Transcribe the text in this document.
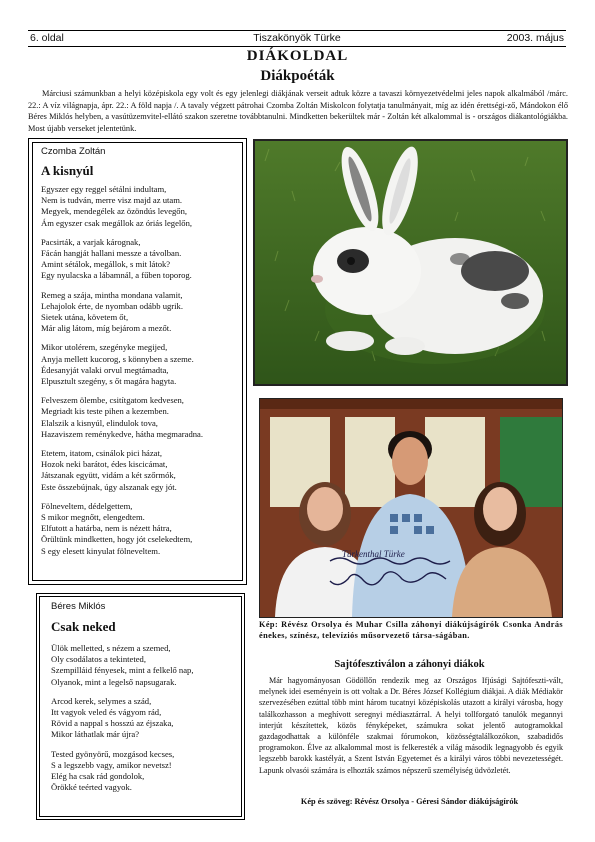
6. oldal	Tiszakönyök Türke	2003. május
DIÁKOLDAL
Diákpoéták
Márciusi számunkban a helyi középiskola egy volt és egy jelenlegi diákjának verseit adtuk közre a tavaszi környezetvédelmi jeles napok alkalmából /márc. 22.: A víz világnapja, ápr. 22.: A föld napja /. A tavaly végzett pátrohai Czomba Zoltán Miskolcon folytatja tanulmányait, míg az idén érettségi-ző, Mándokon élő Béres Miklós helyben, a vasútüzemvitel-ellátó szakon szeretne továbbtanulni. Mindketten bekerültek már - Zoltán két alkalommal is - országos diákantológiákba. Most újabb verseket jelentetünk.
Czomba Zoltán
A kisnyúl
Egyszer egy reggel sétálni indultam,
Nem is tudván, merre visz majd az utam.
Megyek, mendegélek az özöndús levegőn,
Ám egyszer csak megállok az óriás legelőn,
Pacsirták, a varjak kárognak,
Fácán hangját hallani messze a távolban.
Amint sétálok, megállok, s mit látok?
Egy nyulacska a lábamnál, a fűben toporog.
Remeg a szája, mintha mondana valamit,
Lehajolok érte, de nyomban odább ugrik.
Sietek utána, követem őt,
Már alig látom, míg bejárom a mezőt.
Mikor utolérem, szegényke megijed,
Anyja mellett kucorog, s könnyben a szeme.
Édesanyját valaki orvul megtámadta,
Elpusztult szegény, s őt magára hagyta.
Felveszem ölembe, csitítgatom kedvesen,
Megriadt kis teste pihen a kezemben.
Elalszik a kisnyúl, elindulok tova,
Hazaviszem reménykedve, hátha megmaradna.
Etetem, itatom, csinálok pici házat,
Hozok neki barátot, édes kiscicámat,
Játszanak együtt, vidám a két szőrmók,
Este összebújnak, úgy alszanak egy jót.
Fölneveltem, dédelgettem,
S mikor megnőtt, elengedtem.
Elfutott a határba, nem is nézett hátra,
Örültünk mindketten, hogy jót cselekedtem,
S egy elesett kinyulat fölneveltem.
Béres Miklós
Csak neked
Ülök melletted, s nézem a szemed,
Oly csodálatos a tekinteted,
Szempilláid fényesek, mint a felkelő nap,
Olyanok, mint a legelső napsugarak.
Arcod kerek, selymes a szád,
Itt vagyok veled és vágyom rád,
Rövid a nappal s hosszú az éjszaka,
Mikor láthatlak már újra?
Tested gyönyörű, mozgásod kecses,
S a legszebb vagy, amikor nevetsz!
Elég ha csak rád gondolok,
Örökké teérted vagyok.
Türkenthal Türke
Kép: Révész Orsolya és Muhar Csilla záhonyi diákújságírók Csonka András énekes, színész, televíziós műsorvezető társa-ságában.
Sajtófesztiválon a záhonyi diákok
Már hagyományosan Gödöllőn rendezik meg az Országos Ifjúsági Sajtófeszti-vált, melynek idei eseményein is ott voltak a Dr. Béres József Kollégium diákjai. A diák Médiakör szervezésében ezúttal több mint három tucatnyi középiskolás utazott a királyi városba, hogy találkozhasson a meghívott seregnyi médiasztárral. A helyi tollforgató tanulók megannyi interjút készítettek, közös fényképeket, számukra sokat jelentő autogramokkal gazdagodhattak a különféle szakmai fórumokon, közösségtalálkozókon, szabadidős programokon. Élve az alkalommal most is felkeresték a világ második legnagyobb és egyik legszebb barokk kastélyát, a Szent István Egyetemet és a királyi város többi nevezetességét. Lapunk olvasói számára is elhozták számos népszerű személyiség üdvözletét.
Kép és szöveg: Révész Orsolya - Géresi Sándor diákújságírók
